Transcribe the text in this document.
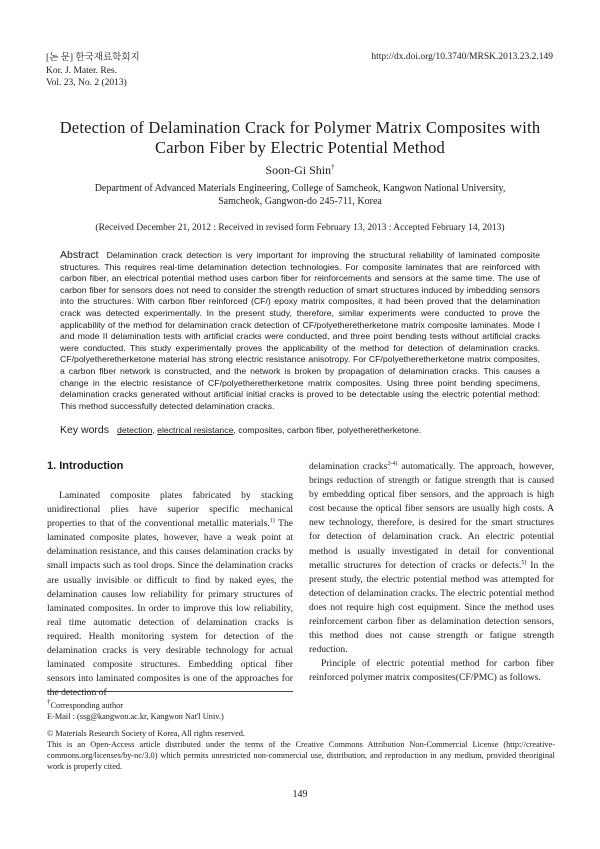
[논 문] 한국재료학회지
Kor. J. Mater. Res.
Vol. 23, No. 2 (2013)
http://dx.doi.org/10.3740/MRSK.2013.23.2.149
Detection of Delamination Crack for Polymer Matrix Composites with Carbon Fiber by Electric Potential Method
Soon-Gi Shin†
Department of Advanced Materials Engineering, College of Samcheok, Kangwon National University,
Samcheok, Gangwon-do 245-711, Korea
(Received December 21, 2012 : Received in revised form February 13, 2013 : Accepted February 14, 2013)
Abstract Delamination crack detection is very important for improving the structural reliability of laminated composite structures. This requires real-time delamination detection technologies. For composite laminates that are reinforced with carbon fiber, an electrical potential method uses carbon fiber for reinforcements and sensors at the same time. The use of carbon fiber for sensors does not need to consider the strength reduction of smart structures induced by imbedding sensors into the structures. With carbon fiber reinforced (CF/) epoxy matrix composites, it had been proved that the delamination crack was detected experimentally. In the present study, therefore, similar experiments were conducted to prove the applicability of the method for delamination crack detection of CF/polyetheretherketone matrix composite laminates. Mode I and mode II delamination tests with artificial cracks were conducted, and three point bending tests without artificial cracks were conducted. This study experimentally proves the applicability of the method for detection of delamination cracks. CF/polyetheretherketone material has strong electric resistance anisotropy. For CF/polyetheretherketone matrix composites, a carbon fiber network is constructed, and the network is broken by propagation of delamination cracks. This causes a change in the electric resistance of CF/polyetheretherketone matrix composites. Using three point bending specimens, delamination cracks generated without artificial initial cracks is proved to be detectable using the electric potential method: This method successfully detected delamination cracks.
Key words detection, electrical resistance, composites, carbon fiber, polyetheretherketone.
1. Introduction

Laminated composite plates fabricated by stacking unidirectional plies have superior specific mechanical properties to that of the conventional metallic materials.$^{1)}$ The laminated composite plates, however, have a weak point at delamination resistance, and this causes delamination cracks by small impacts such as tool drops. Since the delamination cracks are usually invisible or difficult to find by naked eyes, the delamination causes low reliability for primary structures of laminated composites. In order to improve this low reliability, real time automatic detection of delamination cracks is required. Health monitoring system for detection of the delamination cracks is very desirable technology for actual laminated composite structures. Embedding optical fiber sensors into laminated composites is one of the approaches for the detection of

delamination cracks$^{2-4)}$ automatically. The approach, however, brings reduction of strength or fatigue strength that is caused by embedding optical fiber sensors, and the approach is high cost because the optical fiber sensors are usually high costs. A new technology, therefore, is desired for the smart structures for detection of delamination crack. An electric potential method is usually investigated in detail for conventional metallic structures for detection of cracks or defects.$^{5)}$ In the present study, the electric potential method was attempted for detection of delamination cracks. The electric potential method does not require high cost equipment. Since the method uses reinforcement carbon fiber as delamination detection sensors, this method does not cause strength or fatigue strength reduction.

Principle of electric potential method for carbon fiber reinforced polymer matrix composites(CF/PMC) as follows.

†Corresponding author
E-Mail : (ssg@kangwon.ac.kr, Kangwon Nat'l Univ.)
© Materials Research Society of Korea, All rights reserved.
This is an Open-Access article distributed under the terms of the Creative Commons Attribution Non-Commercial License (http://creative-commons.org/licenses/by-nc/3.0) which permits unrestricted non-commercial use, distribution, and reproduction in any medium, provided theoriginal work is properly cited.
149
